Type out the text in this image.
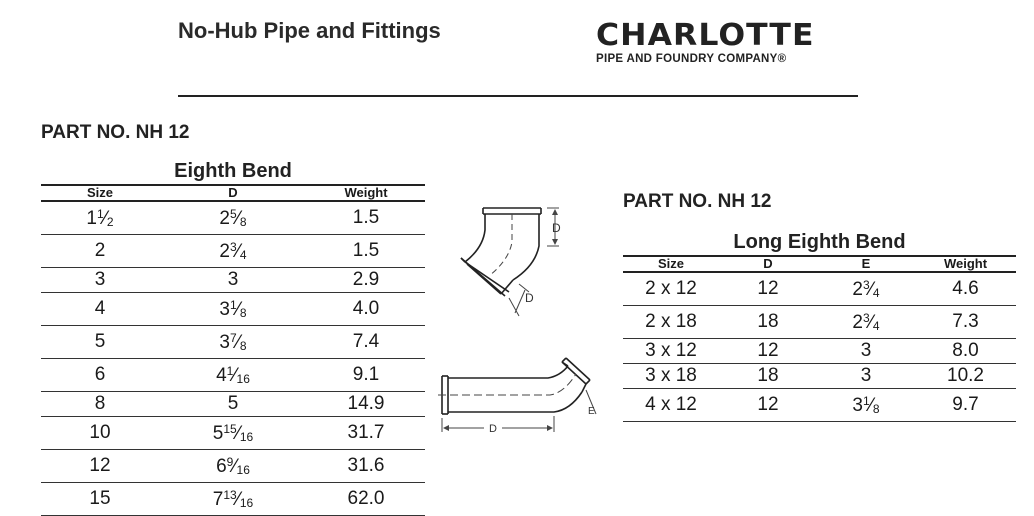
No-Hub Pipe and Fittings	CHARLOTTE
PIPE AND FOUNDRY COMPANY®
PART NO. NH 12
Eighth Bend
Size	D	Weight
$1^1⁄_2$	$2^5⁄_8$	1.5
2	$2^3⁄_4$	1.5
3	3	2.9
4	$3^1⁄_8$	4.0
5	$3^7⁄_8$	7.4
6	$4^1⁄_{16}$	9.1
8	5	14.9
10	$5^{15}⁄_{16}$	31.7
12	$6^9⁄_{16}$	31.6
15	$7^{13}⁄_{16}$	62.0
PART NO. NH 12
Long Eighth Bend
Size	D	E	Weight
2 x 12	12	$2^3⁄_4$	4.6
2 x 18	18	$2^3⁄_4$	7.3
3 x 12	12	3	8.0
3 x 18	18	3	10.2
4 x 12	12	$3^1⁄_8$	9.7
D
D
D
E
